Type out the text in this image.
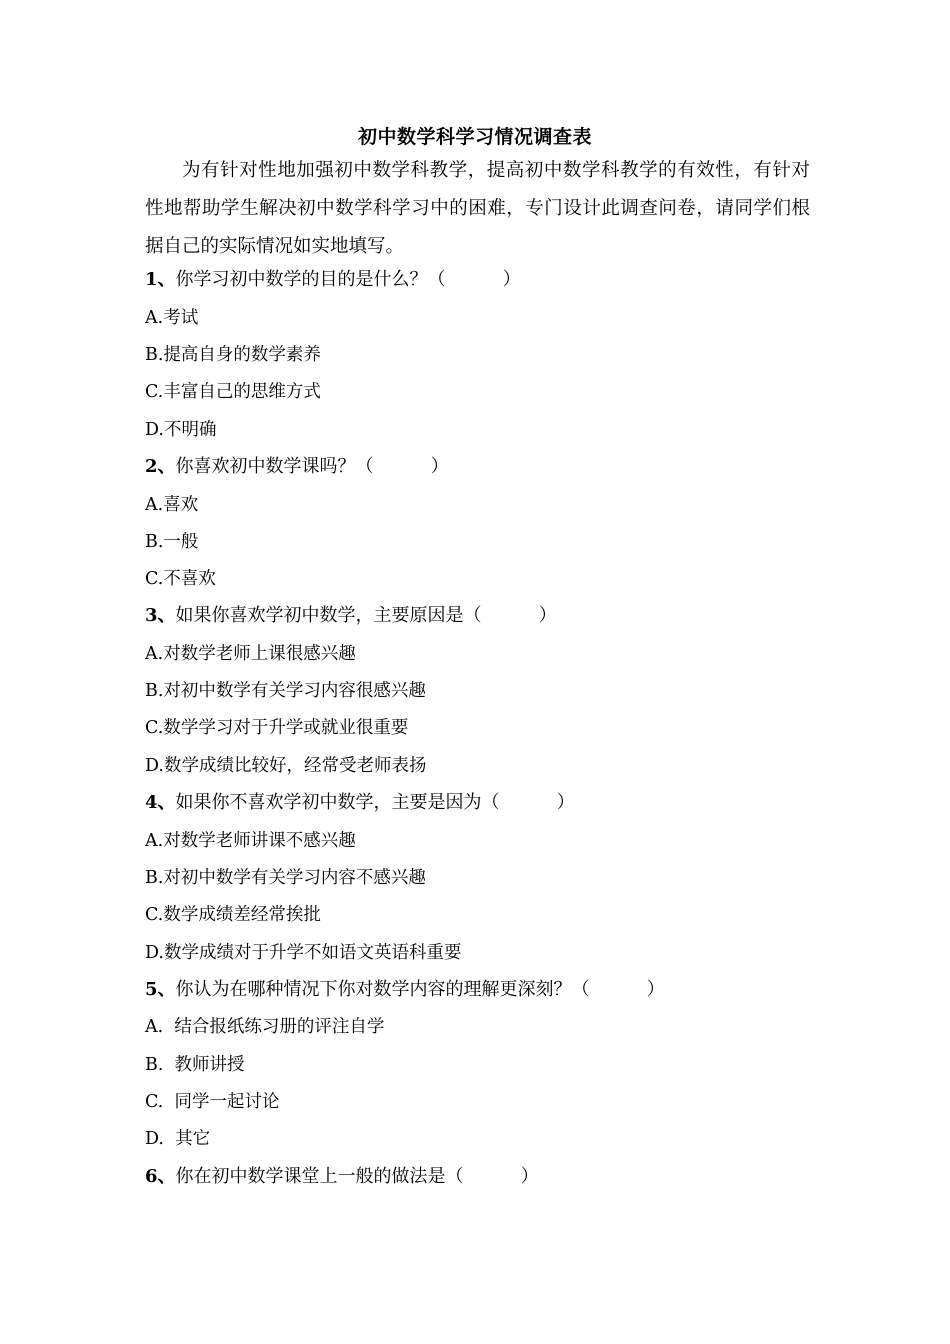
初中数学科学习情况调查表
为有针对性地加强初中数学科教学，提高初中数学科教学的有效性，有针对性地帮助学生解决初中数学科学习中的困难，专门设计此调查问卷，请同学们根据自己的实际情况如实地填写。
1、你学习初中数学的目的是什么？（          ）
A.考试
B.提高自身的数学素养
C.丰富自己的思维方式
D.不明确
2、你喜欢初中数学课吗？（          ）
A.喜欢
B.一般
C.不喜欢
3、如果你喜欢学初中数学，主要原因是（          ）
A.对数学老师上课很感兴趣
B.对初中数学有关学习内容很感兴趣
C.数学学习对于升学或就业很重要
D.数学成绩比较好，经常受老师表扬
4、如果你不喜欢学初中数学，主要是因为（          ）
A.对数学老师讲课不感兴趣
B.对初中数学有关学习内容不感兴趣
C.数学成绩差经常挨批
D.数学成绩对于升学不如语文英语科重要
5、你认为在哪种情况下你对数学内容的理解更深刻？（          ）
A.  结合报纸练习册的评注自学
B.  教师讲授
C.  同学一起讨论
D.  其它
6、你在初中数学课堂上一般的做法是（          ）
